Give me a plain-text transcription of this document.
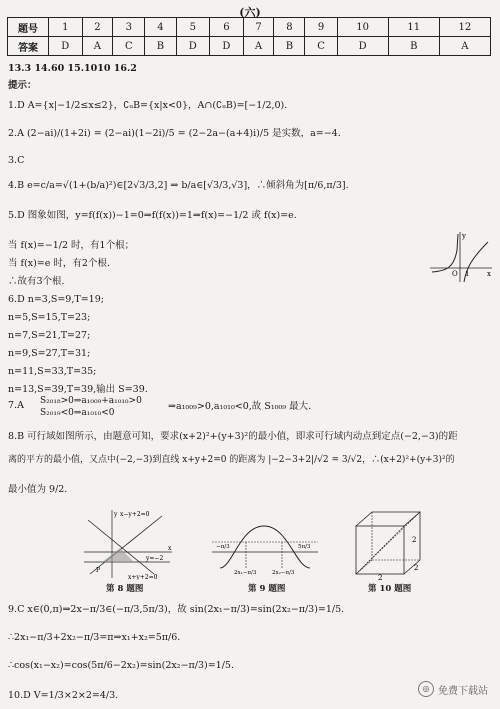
(六)
题号	1	2	3	4	5	6	7	8	9	10	11	12
答案	D	A	C	B	D	D	A	B	C	D	B	A
13.3 14.60 15.1010 16.2
提示：
1.D A={x|−1/2≤x≤2}，∁ᵤB={x|x<0}，A∩(∁ᵤB)=[−1/2,0).
2.A (2−ai)/(1+2i) = (2−ai)(1−2i)/5 = (2−2a−(a+4)i)/5 是实数，a=−4.
3.C
4.B e=c/a=√(1+(b/a)²)∈[2√3/3,2] ⇒ b/a∈[√3/3,√3]，∴倾斜角为[π/6,π/3].
5.D 图象如图，y=f(f(x))−1=0⇒f(f(x))=1⇒f(x)=−1/2 或 f(x)=e.
当 f(x)=−1/2 时，有1个根；
当 f(x)=e 时，有2个根.
∴故有3个根.
6.D n=3,S=9,T=19;
n=5,S=15,T=23;
n=7,S=21,T=27;
n=9,S=27,T=31;
n=11,S=33,T=35;
n=13,S=39,T=39,输出 S=39.
7.A S₂₀₁₈>0⇒a₁₀₀₉+a₁₀₁₀>0
S₂₀₁₉<0⇒a₁₀₁₀<0
⇒a₁₀₀₉>0,a₁₀₁₀<0,故 S₁₀₀₉ 最大.
8.B 可行域如图所示，由题意可知，要求(x+2)²+(y+3)²的最小值，即求可行域内动点到定点(−2,−3)的距
离的平方的最小值，又点中(−2,−3)到直线 x+y+2=0 的距离为 |−2−3+2|/√2 = 3/√2，∴(x+2)²+(y+3)²的
最小值为 9/2.
y
x
O 1
x−y+2=0
y=−2
x+y+2=0
P
x
y
第 8 题图
−π/3	5π/3
2x₁−π/3	2x₂−π/3
第 9 题图
2
2
2
第 10 题图
9.C x∈(0,π)⇒2x−π/3∈(−π/3,5π/3)，故 sin(2x₁−π/3)=sin(2x₂−π/3)=1/5.
∴2x₁−π/3+2x₂−π/3=π⇒x₁+x₂=5π/6.
∴cos(x₁−x₂)=cos(5π/6−2x₂)=sin(2x₂−π/3)=1/5.
10.D V=1/3×2×2=4/3.
◎ 免费下载站
